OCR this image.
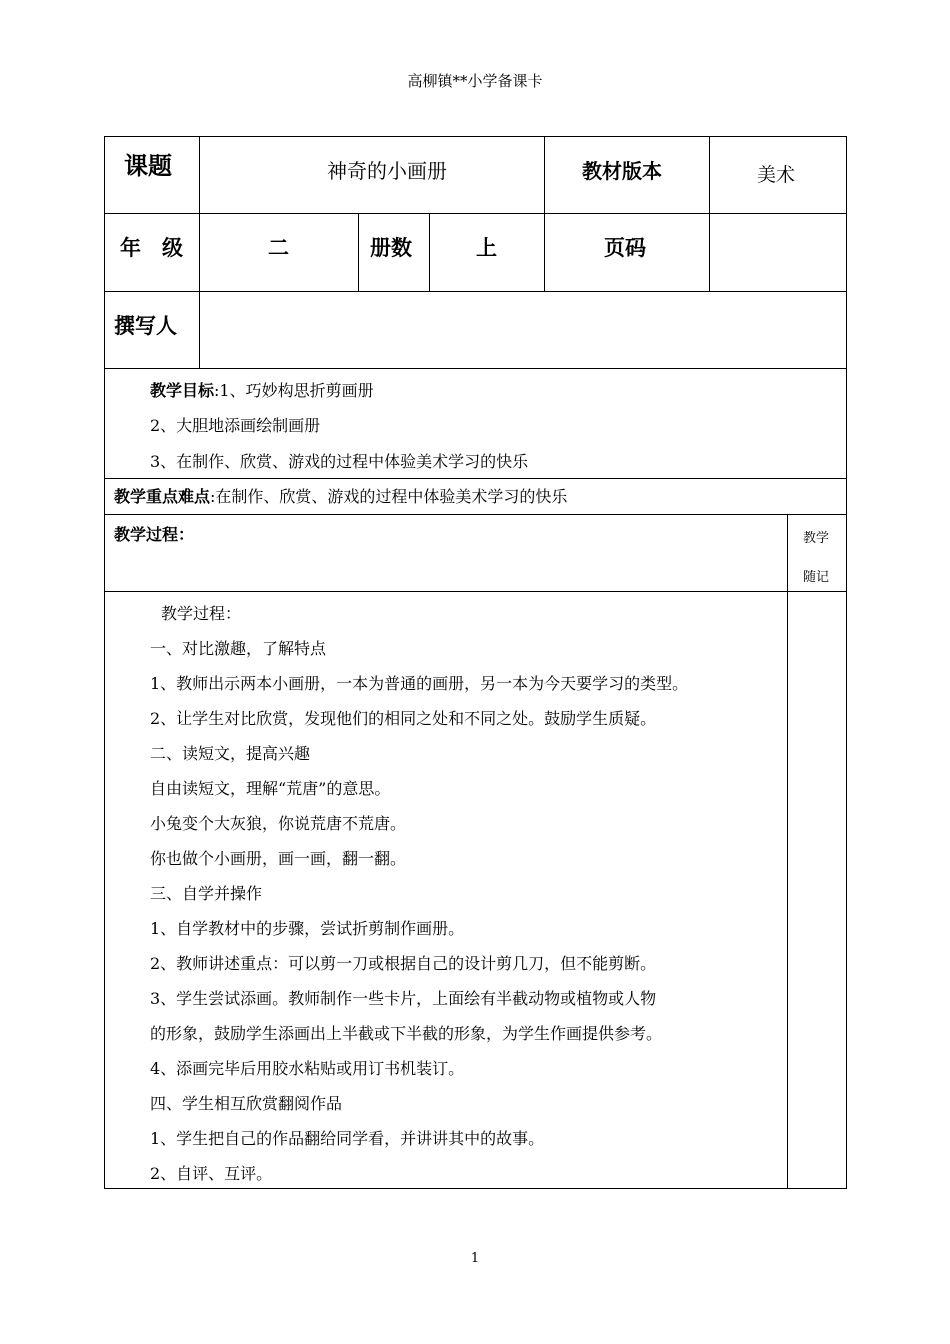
高柳镇**小学备课卡
课题	神奇的小画册	教材版本	美术
年　级	二	册数	上	页码
撰写人
教学目标:1、巧妙构思折剪画册
2、大胆地添画绘制画册
3、在制作、欣赏、游戏的过程中体验美术学习的快乐
教学重点难点:在制作、欣赏、游戏的过程中体验美术学习的快乐
教学过程：	教学
随记
教学过程：
一、对比激趣，了解特点
1、教师出示两本小画册，一本为普通的画册，另一本为今天要学习的类型。
2、让学生对比欣赏，发现他们的相同之处和不同之处。鼓励学生质疑。
二、读短文，提高兴趣
自由读短文，理解“荒唐”的意思。
小兔变个大灰狼，你说荒唐不荒唐。
你也做个小画册，画一画，翻一翻。
三、自学并操作
1、自学教材中的步骤，尝试折剪制作画册。
2、教师讲述重点：可以剪一刀或根据自己的设计剪几刀，但不能剪断。
3、学生尝试添画。教师制作一些卡片，上面绘有半截动物或植物或人物
的形象，鼓励学生添画出上半截或下半截的形象，为学生作画提供参考。
4、添画完毕后用胶水粘贴或用订书机装订。
四、学生相互欣赏翻阅作品
1、学生把自己的作品翻给同学看，并讲讲其中的故事。
2、自评、互评。
1
